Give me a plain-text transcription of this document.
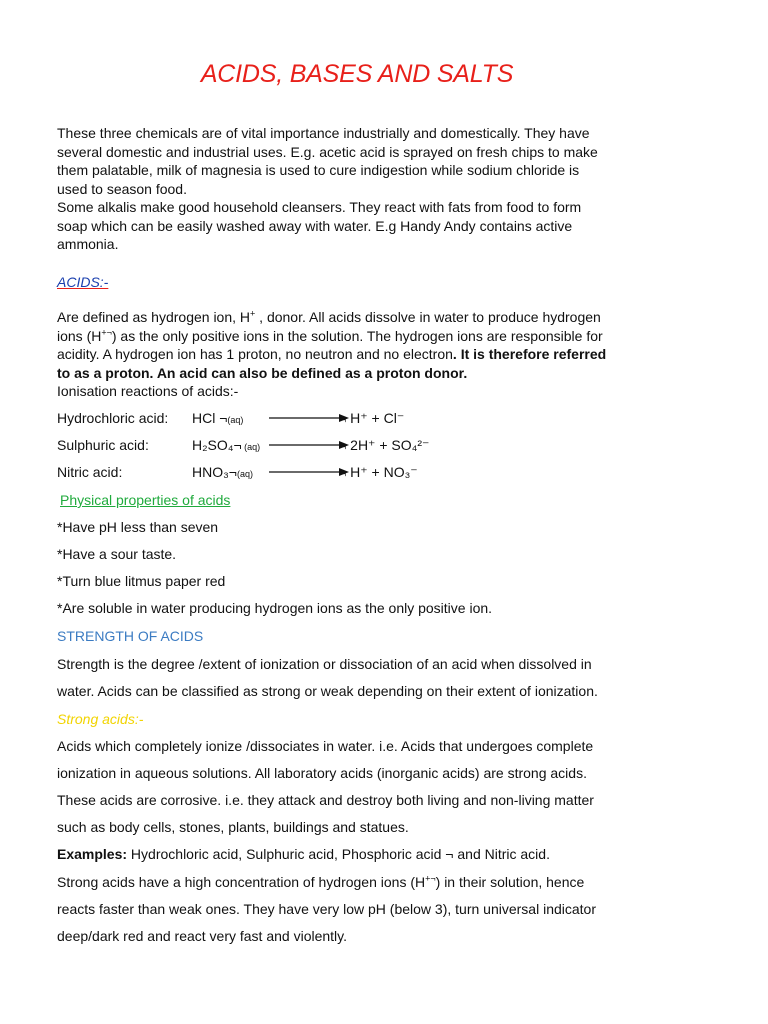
ACIDS, BASES AND SALTS

These three chemicals are of vital importance industrially and domestically. They have

several domestic and industrial uses. E.g. acetic acid is sprayed on fresh chips to make

them palatable, milk of magnesia is used to cure indigestion while sodium chloride is

used to season food.

Some alkalis make good household cleansers. They react with fats from food to form

soap which can be easily washed away with water. E.g Handy Andy contains active

ammonia.

ACIDS:-

Are defined as hydrogen ion, H+ , donor. All acids dissolve in water to produce hydrogen

ions (H+¬) as the only positive ions in the solution. The hydrogen ions are responsible for

acidity. A hydrogen ion has 1 proton, no neutron and no electron. It is therefore referred

to as a proton. An acid can also be defined as a proton donor.

Ionisation reactions of acids:-

Hydrochloric acid: HCl ¬(aq)	¬ H⁺ + Cl⁻
Sulphuric acid:	H₂SO₄¬ (aq)	¬ 2H⁺ + SO₄²⁻
Nitric acid:	HNO₃¬(aq)	¬ H⁺ + NO₃⁻
Physical properties of acids
*Have pH less than seven
*Have a sour taste.
*Turn blue litmus paper red
*Are soluble in water producing hydrogen ions as the only positive ion.
STRENGTH OF ACIDS
Strength is the degree /extent of ionization or dissociation of an acid when dissolved in
water. Acids can be classified as strong or weak depending on their extent of ionization.
Strong acids:-
Acids which completely ionize /dissociates in water. i.e. Acids that undergoes complete
ionization in aqueous solutions. All laboratory acids (inorganic acids) are strong acids.
These acids are corrosive. i.e. they attack and destroy both living and non-living matter
such as body cells, stones, plants, buildings and statues.
Examples: Hydrochloric acid, Sulphuric acid, Phosphoric acid ¬ and Nitric acid.
Strong acids have a high concentration of hydrogen ions (H+¬) in their solution, hence
reacts faster than weak ones. They have very low pH (below 3), turn universal indicator
deep/dark red and react very fast and violently.
